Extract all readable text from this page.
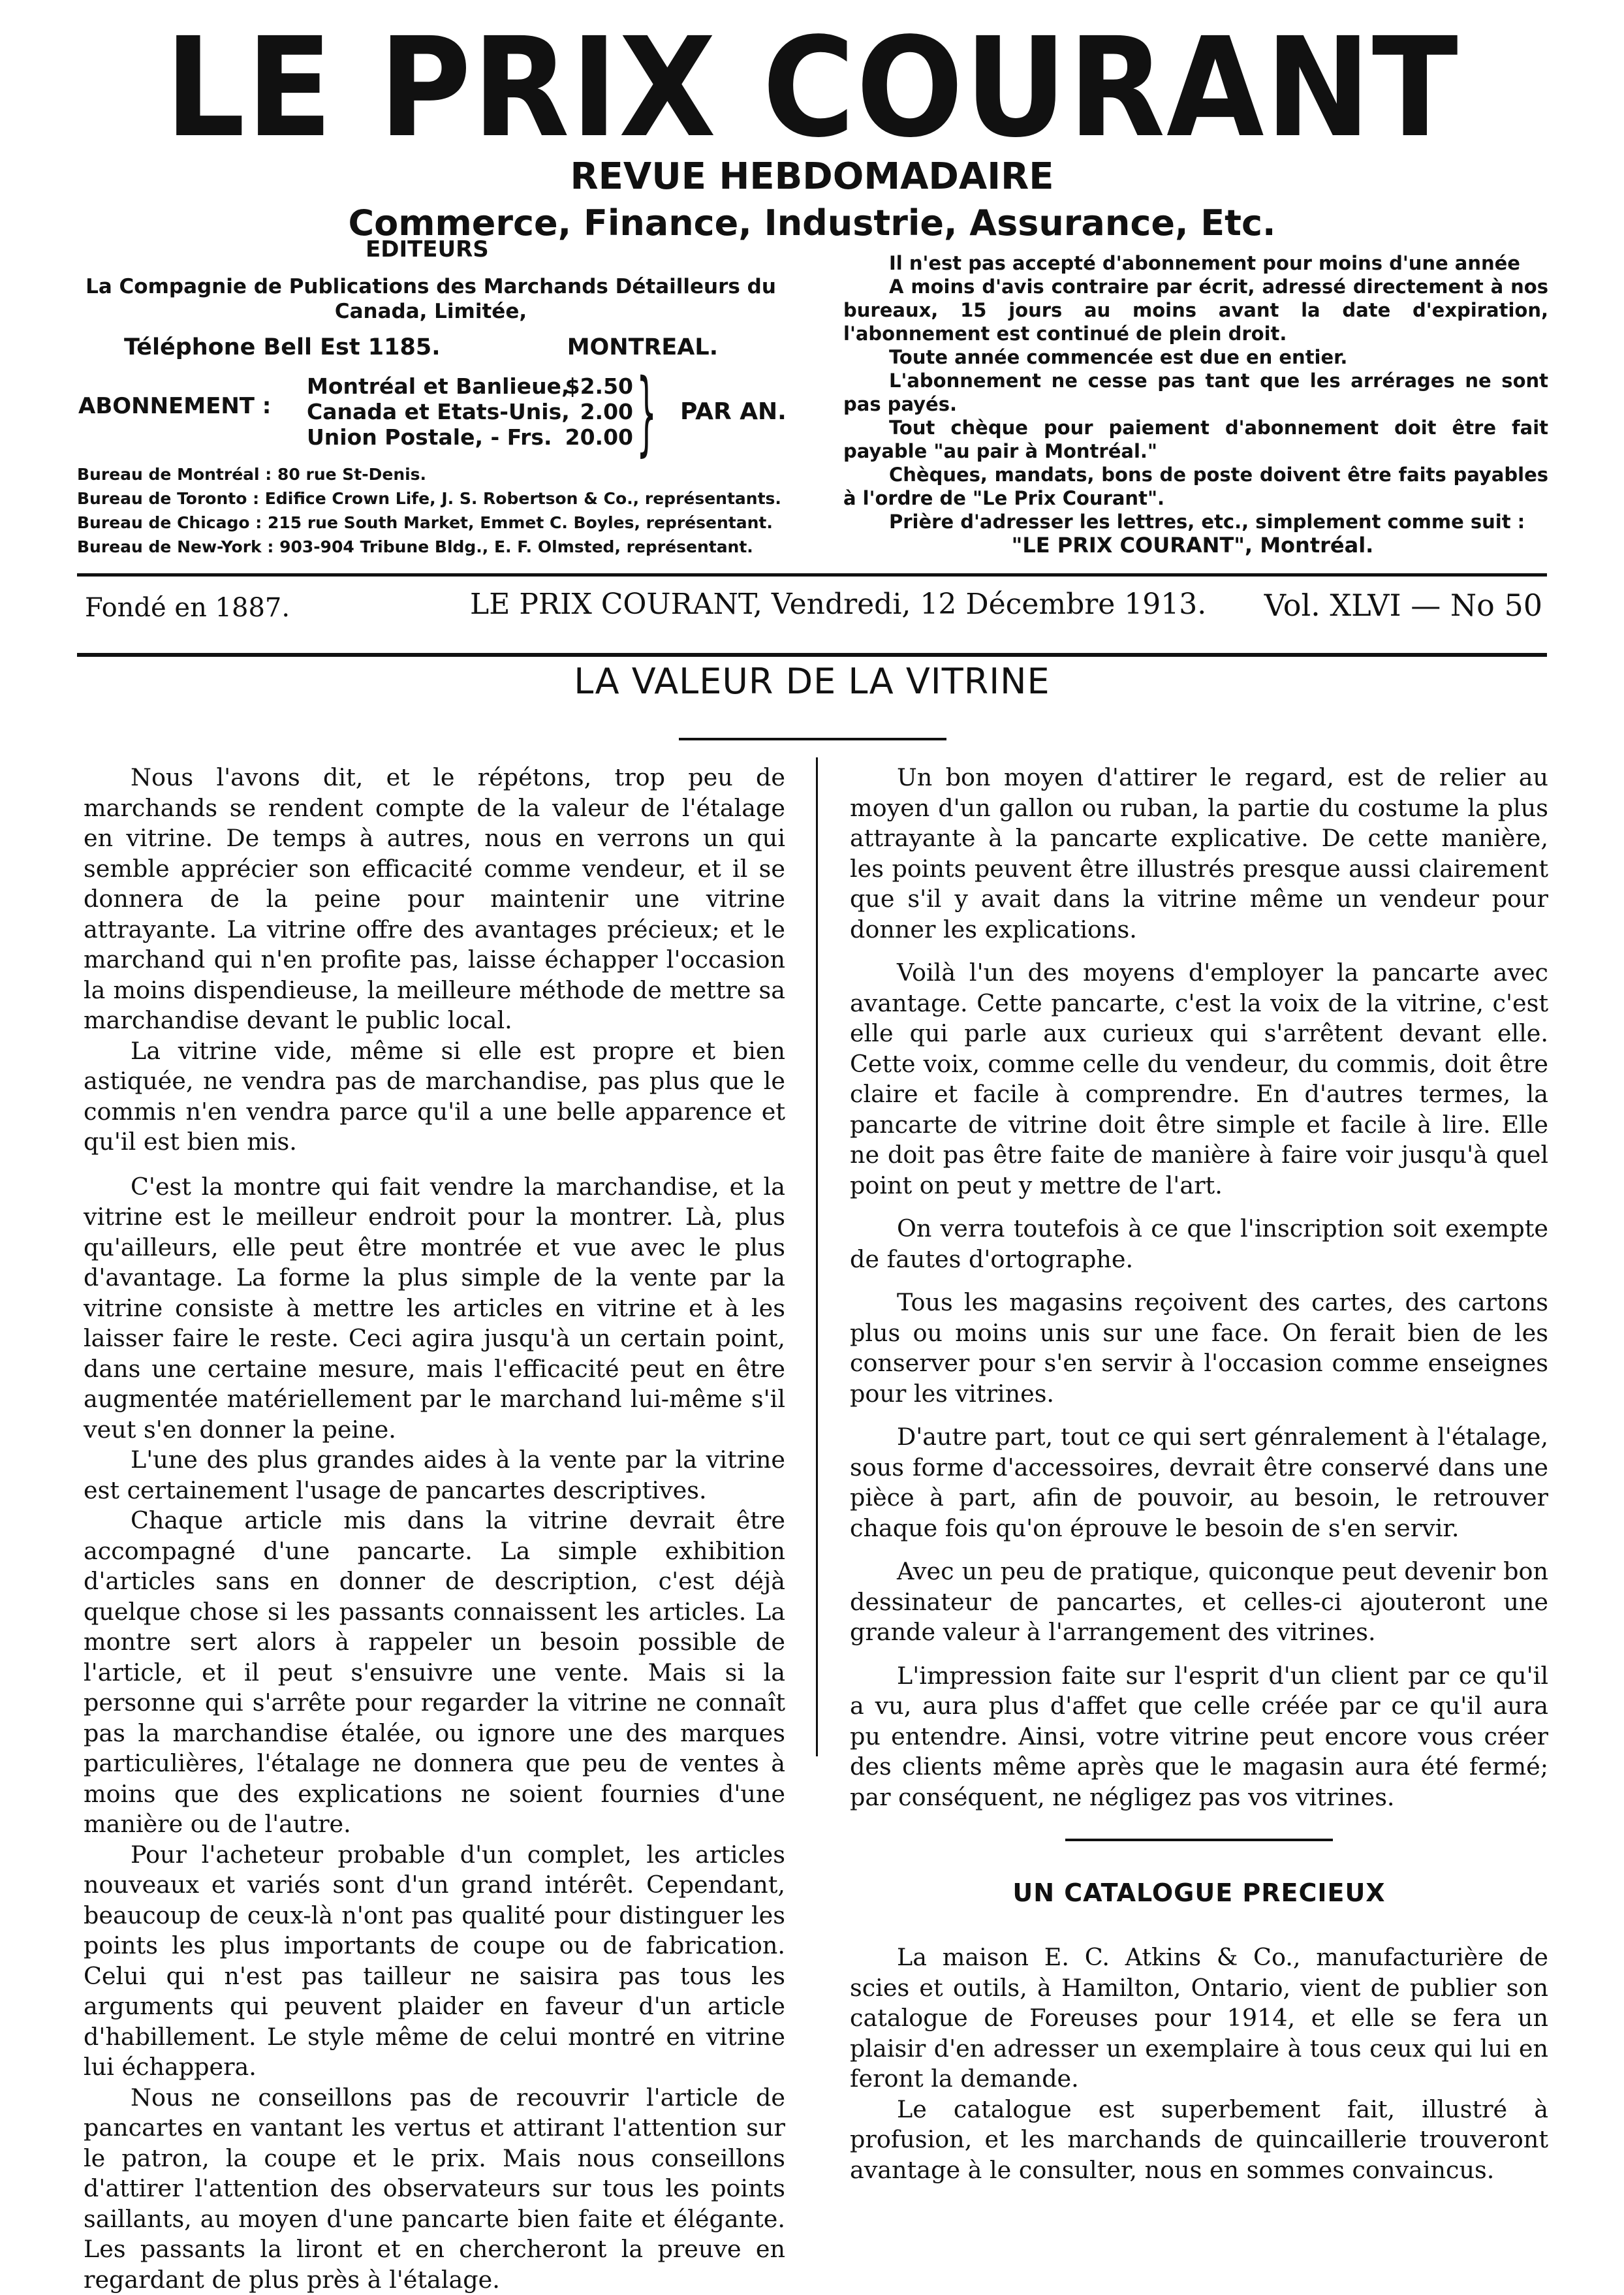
LE PRIX COURANT
REVUE HEBDOMADAIRE
Commerce, Finance, Industrie, Assurance, Etc.
EDITEURS
La Compagnie de Publications des Marchands Détailleurs du Canada, Limitée,
Téléphone Bell Est 1185.	MONTREAL.
ABONNEMENT :
Montréal et Banlieue,
$2.50
Canada et Etats-Unis, 2.00
Union Postale, - Frs. 20.00 } PAR AN.
Bureau de Montréal : 80 rue St-Denis.
Bureau de Toronto : Edifice Crown Life, J. S. Robertson & Co., représentants.
Bureau de Chicago : 215 rue South Market, Emmet C. Boyles, représentant.
Bureau de New-York : 903-904 Tribune Bldg., E. F. Olmsted, représentant.

Il n'est pas accepté d'abonnement pour moins d'une année

A moins d'avis contraire par écrit, adressé directement à nos bureaux, 15 jours au moins avant la date d'expiration, l'abonnement est continué de plein droit.

Toute année commencée est due en entier.

L'abonnement ne cesse pas tant que les arrérages ne sont pas payés.

Tout chèque pour paiement d'abonnement doit être fait payable "au pair à Montréal."

Chèques, mandats, bons de poste doivent être faits payables à l'ordre de "Le Prix Courant".

Prière d'adresser les lettres, etc., simplement comme suit :

"LE PRIX COURANT", Montréal.

Fondé en 1887.	LE PRIX COURANT, Vendredi, 12 Décembre 1913. Vol. XLVI — No 50
LA VALEUR DE LA VITRINE

Nous l'avons dit, et le répétons, trop peu de marchands se rendent compte de la valeur de l'étalage en vitrine. De temps à autres, nous en verrons un qui semble apprécier son efficacité comme vendeur, et il se donnera de la peine pour maintenir une vitrine attrayante. La vitrine offre des avantages précieux; et le marchand qui n'en profite pas, laisse échapper l'occasion la moins dispendieuse, la meilleure méthode de mettre sa marchandise devant le public local.

La vitrine vide, même si elle est propre et bien astiquée, ne vendra pas de marchandise, pas plus que le commis n'en vendra parce qu'il a une belle apparence et qu'il est bien mis.

C'est la montre qui fait vendre la marchandise, et la vitrine est le meilleur endroit pour la montrer. Là, plus qu'ailleurs, elle peut être montrée et vue avec le plus d'avantage. La forme la plus simple de la vente par la vitrine consiste à mettre les articles en vitrine et à les laisser faire le reste. Ceci agira jusqu'à un certain point, dans une certaine mesure, mais l'efficacité peut en être augmentée matériellement par le marchand lui-même s'il veut s'en donner la peine.

L'une des plus grandes aides à la vente par la vitrine est certainement l'usage de pancartes descriptives.

Chaque article mis dans la vitrine devrait être accompagné d'une pancarte. La simple exhibition d'articles sans en donner de description, c'est déjà quelque chose si les passants connaissent les articles. La montre sert alors à rappeler un besoin possible de l'article, et il peut s'ensuivre une vente. Mais si la personne qui s'arrête pour regarder la vitrine ne connaît pas la marchandise étalée, ou ignore une des marques particulières, l'étalage ne donnera que peu de ventes à moins que des explications ne soient fournies d'une manière ou de l'autre.

Pour l'acheteur probable d'un complet, les articles nouveaux et variés sont d'un grand intérêt. Cependant, beaucoup de ceux-là n'ont pas qualité pour distinguer les points les plus importants de coupe ou de fabrication. Celui qui n'est pas tailleur ne saisira pas tous les arguments qui peuvent plaider en faveur d'un article d'habillement. Le style même de celui montré en vitrine lui échappera.

Nous ne conseillons pas de recouvrir l'article de pancartes en vantant les vertus et attirant l'attention sur le patron, la coupe et le prix. Mais nous conseillons d'attirer l'attention des observateurs sur tous les points saillants, au moyen d'une pancarte bien faite et élégante. Les passants la liront et en chercheront la preuve en regardant de plus près à l'étalage.

Un bon moyen d'attirer le regard, est de relier au moyen d'un gallon ou ruban, la partie du costume la plus attrayante à la pancarte explicative. De cette manière, les points peuvent être illustrés presque aussi clairement que s'il y avait dans la vitrine même un vendeur pour donner les explications.

Voilà l'un des moyens d'employer la pancarte avec avantage. Cette pancarte, c'est la voix de la vitrine, c'est elle qui parle aux curieux qui s'arrêtent devant elle. Cette voix, comme celle du vendeur, du commis, doit être claire et facile à comprendre. En d'autres termes, la pancarte de vitrine doit être simple et facile à lire. Elle ne doit pas être faite de manière à faire voir jusqu'à quel point on peut y mettre de l'art.

On verra toutefois à ce que l'inscription soit exempte de fautes d'ortographe.

Tous les magasins reçoivent des cartes, des cartons plus ou moins unis sur une face. On ferait bien de les conserver pour s'en servir à l'occasion comme enseignes pour les vitrines.

D'autre part, tout ce qui sert génralement à l'étalage, sous forme d'accessoires, devrait être conservé dans une pièce à part, afin de pouvoir, au besoin, le retrouver chaque fois qu'on éprouve le besoin de s'en servir.

Avec un peu de pratique, quiconque peut devenir bon dessinateur de pancartes, et celles-ci ajouteront une grande valeur à l'arrangement des vitrines.

L'impression faite sur l'esprit d'un client par ce qu'il a vu, aura plus d'affet que celle créée par ce qu'il aura pu entendre. Ainsi, votre vitrine peut encore vous créer des clients même après que le magasin aura été fermé; par conséquent, ne négligez pas vos vitrines.

UN CATALOGUE PRECIEUX

La maison E. C. Atkins & Co., manufacturière de scies et outils, à Hamilton, Ontario, vient de publier son catalogue de Foreuses pour 1914, et elle se fera un plaisir d'en adresser un exemplaire à tous ceux qui lui en feront la demande.

Le catalogue est superbement fait, illustré à profusion, et les marchands de quincaillerie trouveront avantage à le consulter, nous en sommes convaincus.
